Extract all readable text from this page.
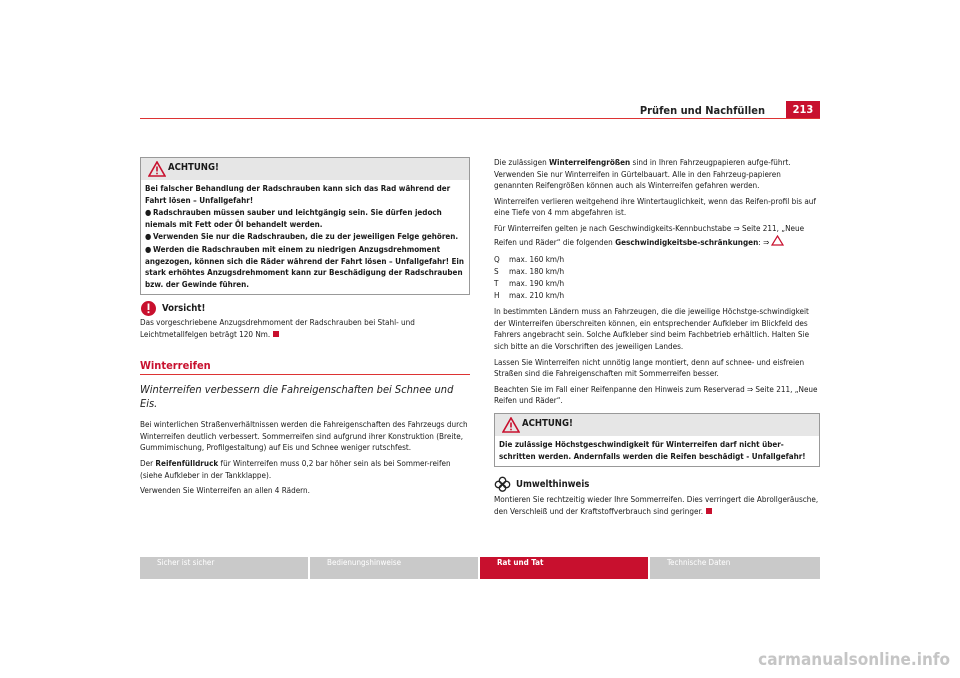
Prüfen und Nachfüllen	213
ACHTUNG!

Bei falscher Behandlung der Radschrauben kann sich das Rad während der Fahrt lösen – Unfallgefahr!

● Radschrauben müssen sauber und leichtgängig sein. Sie dürfen jedoch niemals mit Fett oder Öl behandelt werden.

● Verwenden Sie nur die Radschrauben, die zu der jeweiligen Felge gehören.

● Werden die Radschrauben mit einem zu niedrigen Anzugsdrehmoment angezogen, können sich die Räder während der Fahrt lösen – Unfallgefahr! Ein stark erhöhtes Anzugsdrehmoment kann zur Beschädigung der Radschrauben bzw. der Gewinde führen.

Vorsicht!

Das vorgeschriebene Anzugsdrehmoment der Radschrauben bei Stahl- und Leichtmetallfelgen beträgt 120 Nm.

Winterreifen
Winterreifen verbessern die Fahreigenschaften bei Schnee und Eis.

Bei winterlichen Straßenverhältnissen werden die Fahreigenschaften des Fahrzeugs durch Winterreifen deutlich verbessert. Sommerreifen sind aufgrund ihrer Konstruktion (Breite, Gummimischung, Profilgestaltung) auf Eis und Schnee weniger rutschfest.

Der Reifenfülldruck für Winterreifen muss 0,2 bar höher sein als bei Sommer-reifen (siehe Aufkleber in der Tankklappe).

Verwenden Sie Winterreifen an allen 4 Rädern.

Die zulässigen Winterreifengrößen sind in Ihren Fahrzeugpapieren aufge-führt. Verwenden Sie nur Winterreifen in Gürtelbauart. Alle in den Fahrzeug-papieren genannten Reifengrößen können auch als Winterreifen gefahren werden.

Winterreifen verlieren weitgehend ihre Wintertauglichkeit, wenn das Reifen-profil bis auf eine Tiefe von 4 mm abgefahren ist.

Für Winterreifen gelten je nach Geschwindigkeits-Kennbuchstabe ⇒ Seite 211, „Neue Reifen und Räder“ die folgenden Geschwindigkeitsbe-schränkungen: ⇒

Q max. 160 km/h
S max. 180 km/h
T max. 190 km/h
H max. 210 km/h

In bestimmten Ländern muss an Fahrzeugen, die die jeweilige Höchstge-schwindigkeit der Winterreifen überschreiten können, ein entsprechender Aufkleber im Blickfeld des Fahrers angebracht sein. Solche Aufkleber sind beim Fachbetrieb erhältlich. Halten Sie sich bitte an die Vorschriften des jeweiligen Landes.

Lassen Sie Winterreifen nicht unnötig lange montiert, denn auf schnee- und eisfreien Straßen sind die Fahreigenschaften mit Sommerreifen besser.

Beachten Sie im Fall einer Reifenpanne den Hinweis zum Reserverad ⇒ Seite 211, „Neue Reifen und Räder“.

ACHTUNG!

Die zulässige Höchstgeschwindigkeit für Winterreifen darf nicht über-schritten werden. Andernfalls werden die Reifen beschädigt - Unfallgefahr!

Umwelthinweis

Montieren Sie rechtzeitig wieder Ihre Sommerreifen. Dies verringert die Abrollgeräusche, den Verschleiß und der Kraftstoffverbrauch sind geringer.

Sicher ist sicher	Bedienungshinweise	Rat und Tat	Technische Daten
carmanualsonline.info
